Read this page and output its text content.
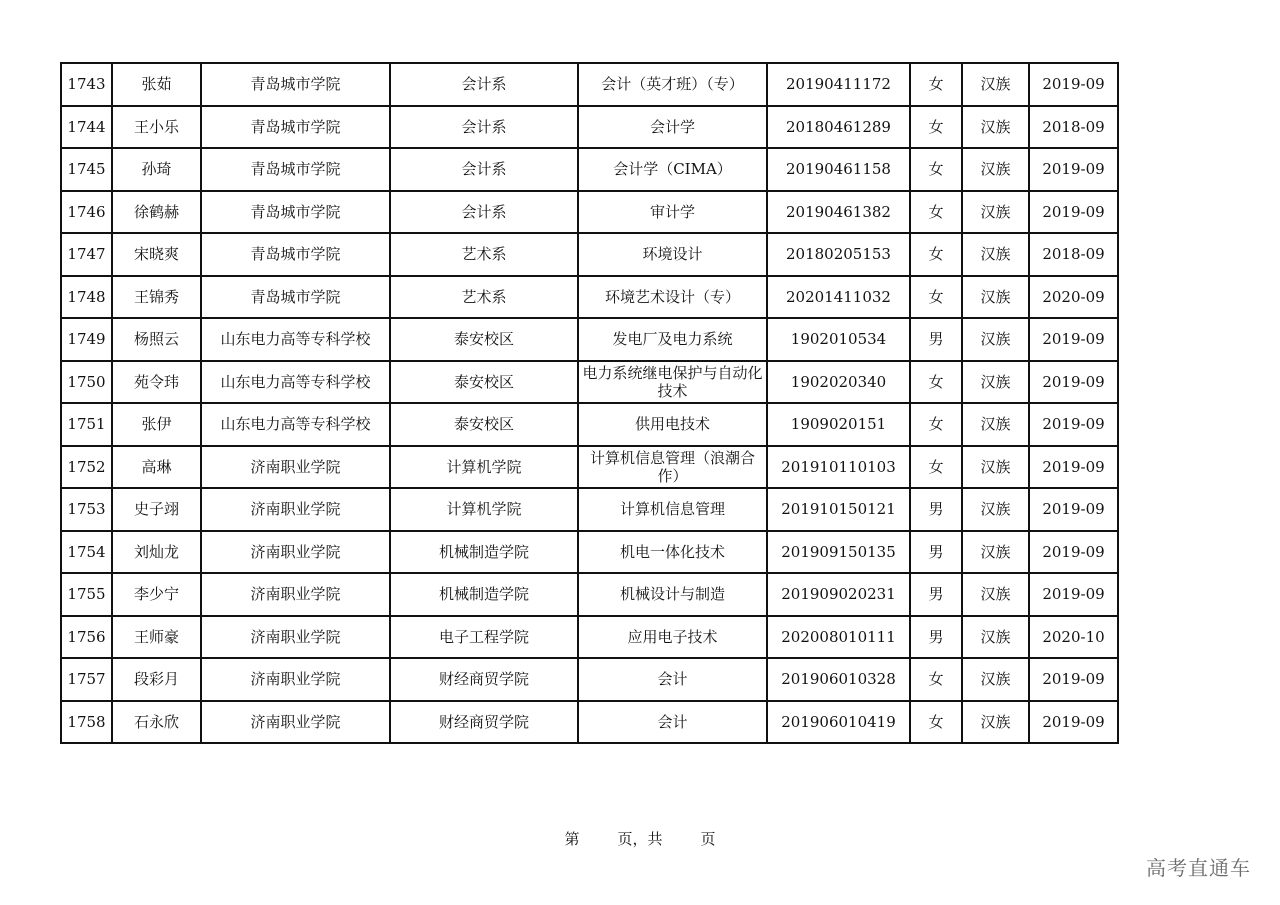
1743	张茹	青岛城市学院	会计系	会计（英才班）（专）	20190411172	女	汉族	2019-09
1744	王小乐	青岛城市学院	会计系	会计学	20180461289	女	汉族	2018-09
1745	孙琦	青岛城市学院	会计系	会计学（CIMA）	20190461158	女	汉族	2019-09
1746	徐鹤赫	青岛城市学院	会计系	审计学	20190461382	女	汉族	2019-09
1747	宋晓爽	青岛城市学院	艺术系	环境设计	20180205153	女	汉族	2018-09
1748	王锦秀	青岛城市学院	艺术系	环境艺术设计（专）	20201411032	女	汉族	2020-09
1749	杨照云	山东电力高等专科学校	泰安校区	发电厂及电力系统	1902010534	男	汉族	2019-09
1750	苑令玮	山东电力高等专科学校	泰安校区	电力系统继电保护与自动化技术	1902020340	女	汉族	2019-09
1751	张伊	山东电力高等专科学校	泰安校区	供用电技术	1909020151	女	汉族	2019-09
1752	高琳	济南职业学院	计算机学院	计算机信息管理（浪潮合作）	201910110103	女	汉族	2019-09
1753	史子翊	济南职业学院	计算机学院	计算机信息管理	201910150121	男	汉族	2019-09
1754	刘灿龙	济南职业学院	机械制造学院	机电一体化技术	201909150135	男	汉族	2019-09
1755	李少宁	济南职业学院	机械制造学院	机械设计与制造	201909020231	男	汉族	2019-09
1756	王师豪	济南职业学院	电子工程学院	应用电子技术	202008010111	男	汉族	2020-10
1757	段彩月	济南职业学院	财经商贸学院	会计	201906010328	女	汉族	2019-09
1758	石永欣	济南职业学院	财经商贸学院	会计	201906010419	女	汉族	2019-09
第	页，共	页
高考直通车
